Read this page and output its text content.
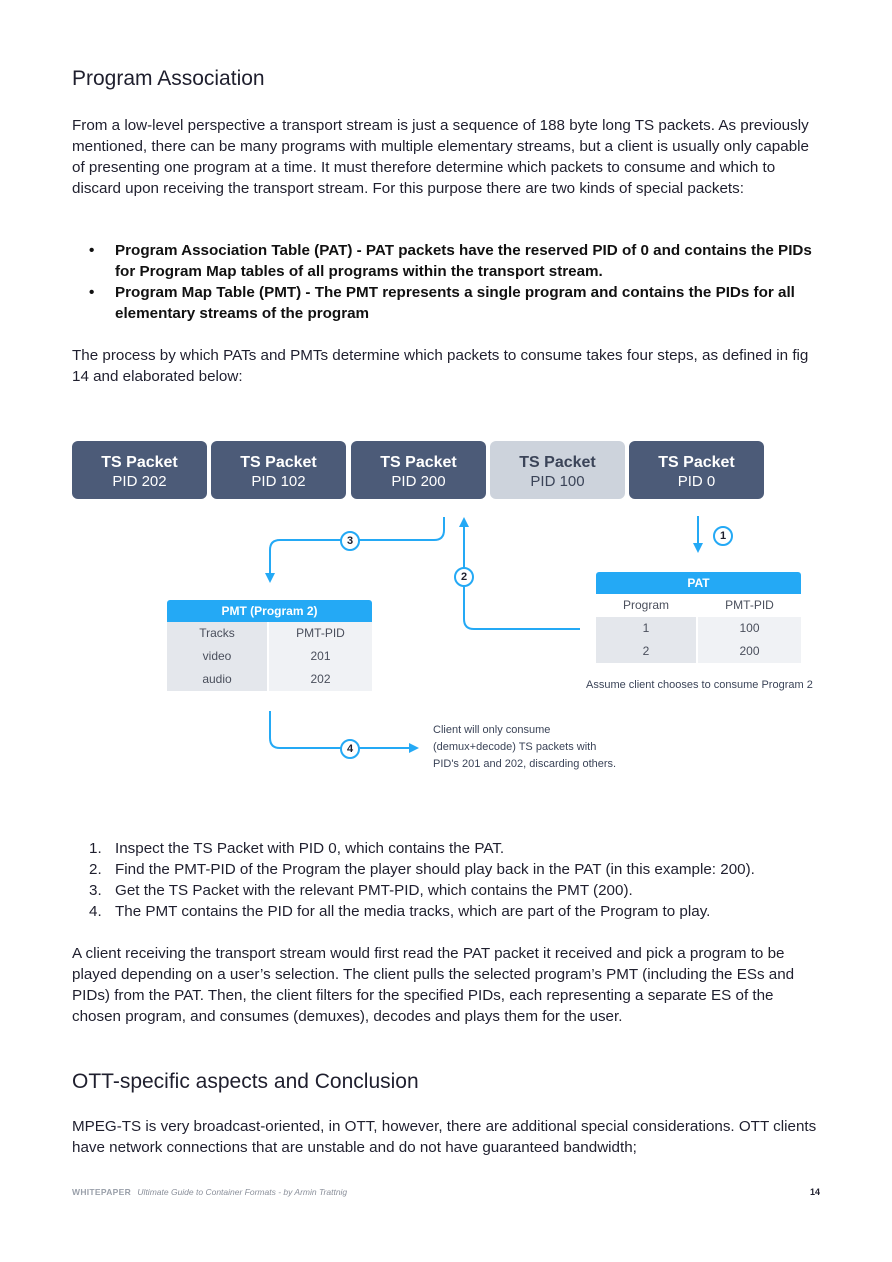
Program Association

From a low-level perspective a transport stream is just a sequence of 188 byte long TS packets. As previously mentioned, there can be many programs with multiple elementary streams, but a client is usually only capable of presenting one program at a time. It must therefore determine which packets to consume and which to discard upon receiving the transport stream. For this purpose there are two kinds of special packets:

• Program Association Table (PAT) - PAT packets have the reserved PID of 0 and contains the PIDs for Program Map tables of all programs within the transport stream.
• Program Map Table (PMT) - The PMT represents a single program and contains the PIDs for all elementary streams of the program

The process by which PATs and PMTs determine which packets to consume takes four steps, as defined in fig 14 and elaborated below:

TS Packet
PID 202
TS Packet
PID 102
TS Packet
PID 200
TS Packet
PID 100
TS Packet
PID 0
1
2
3
4
PAT
Program	PMT-PID
1	100
2	200
Assume client chooses to consume Program 2
PMT (Program 2)
Tracks	PMT-PID
video	201
audio	202
Client will only consume
(demux+decode) TS packets with
PID's 201 and 202, discarding others.
1. Inspect the TS Packet with PID 0, which contains the PAT.
2. Find the PMT-PID of the Program the player should play back in the PAT (in this example: 200).
3. Get the TS Packet with the relevant PMT-PID, which contains the PMT (200).
4. The PMT contains the PID for all the media tracks, which are part of the Program to play.

A client receiving the transport stream would first read the PAT packet it received and pick a program to be played depending on a user’s selection. The client pulls the selected program’s PMT (including the ESs and PIDs) from the PAT. Then, the client filters for the specified PIDs, each representing a separate ES of the chosen program, and consumes (demuxes), decodes and plays them for the user.

OTT-specific aspects and Conclusion

MPEG-TS is very broadcast-oriented, in OTT, however, there are additional special considerations. OTT clients have network connections that are unstable and do not have guaranteed bandwidth;

WHITEPAPER Ultimate Guide to Container Formats - by Armin Trattnig	14
